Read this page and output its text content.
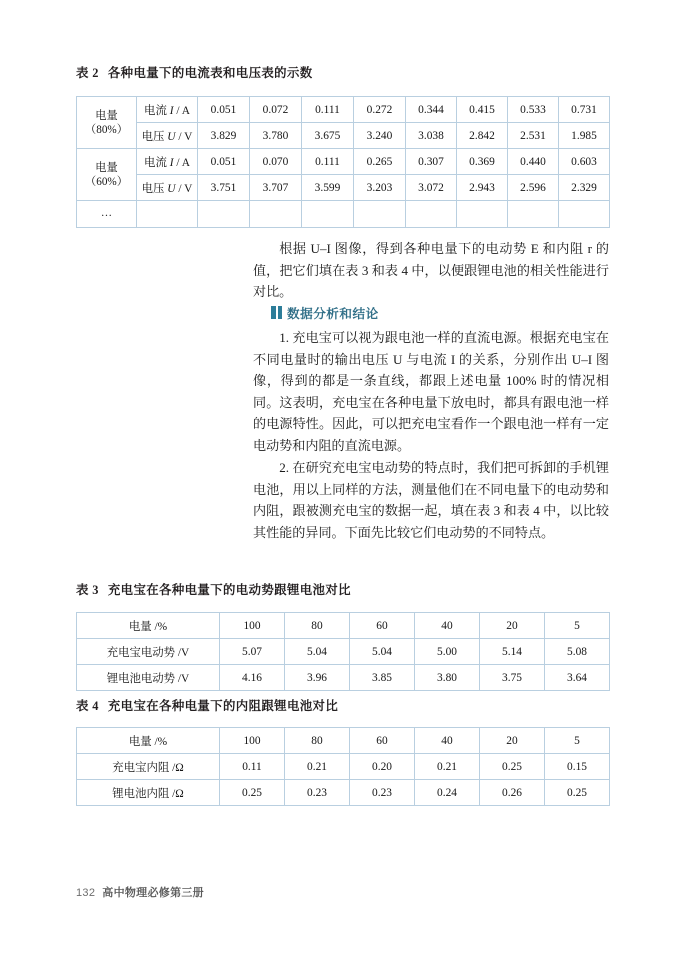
表 2 各种电量下的电流表和电压表的示数
电量
（80%）	电流 I / A	0.051	0.072	0.111	0.272	0.344	0.415	0.533	0.731
	电压 U / V	3.829	3.780	3.675	3.240	3.038	2.842	2.531	1.985

电量
（60%）	电流 I / A	0.051	0.070	0.111	0.265	0.307	0.369	0.440	0.603
	电压 U / V	3.751	3.707	3.599	3.203	3.072	2.943	2.596	2.329
…									

根据 U–I 图像，得到各种电量下的电动势 E 和内阻 r 的值，把它们填在表 3 和表 4 中，以便跟锂电池的相关性能进行对比。

数据分析和结论

1. 充电宝可以视为跟电池一样的直流电源。根据充电宝在不同电量时的输出电压 U 与电流 I 的关系，分别作出 U–I 图像，得到的都是一条直线，都跟上述电量 100% 时的情况相同。这表明，充电宝在各种电量下放电时，都具有跟电池一样的电源特性。因此，可以把充电宝看作一个跟电池一样有一定电动势和内阻的直流电源。

2. 在研究充电宝电动势的特点时，我们把可拆卸的手机锂电池，用以上同样的方法，测量他们在不同电量下的电动势和内阻，跟被测充电宝的数据一起，填在表 3 和表 4 中，以比较其性能的异同。下面先比较它们电动势的不同特点。

表 3 充电宝在各种电量下的电动势跟锂电池对比
电量 /%	100	80	60	40	20	5
充电宝电动势 /V	5.07	5.04	5.04	5.00	5.14	5.08
锂电池电动势 /V	4.16	3.96	3.85	3.80	3.75	3.64
表 4 充电宝在各种电量下的内阻跟锂电池对比
电量 /%	100	80	60	40	20	5
充电宝内阻 /Ω	0.11	0.21	0.20	0.21	0.25	0.15
锂电池内阻 /Ω	0.25	0.23	0.23	0.24	0.26	0.25
132 高中物理必修第三册
